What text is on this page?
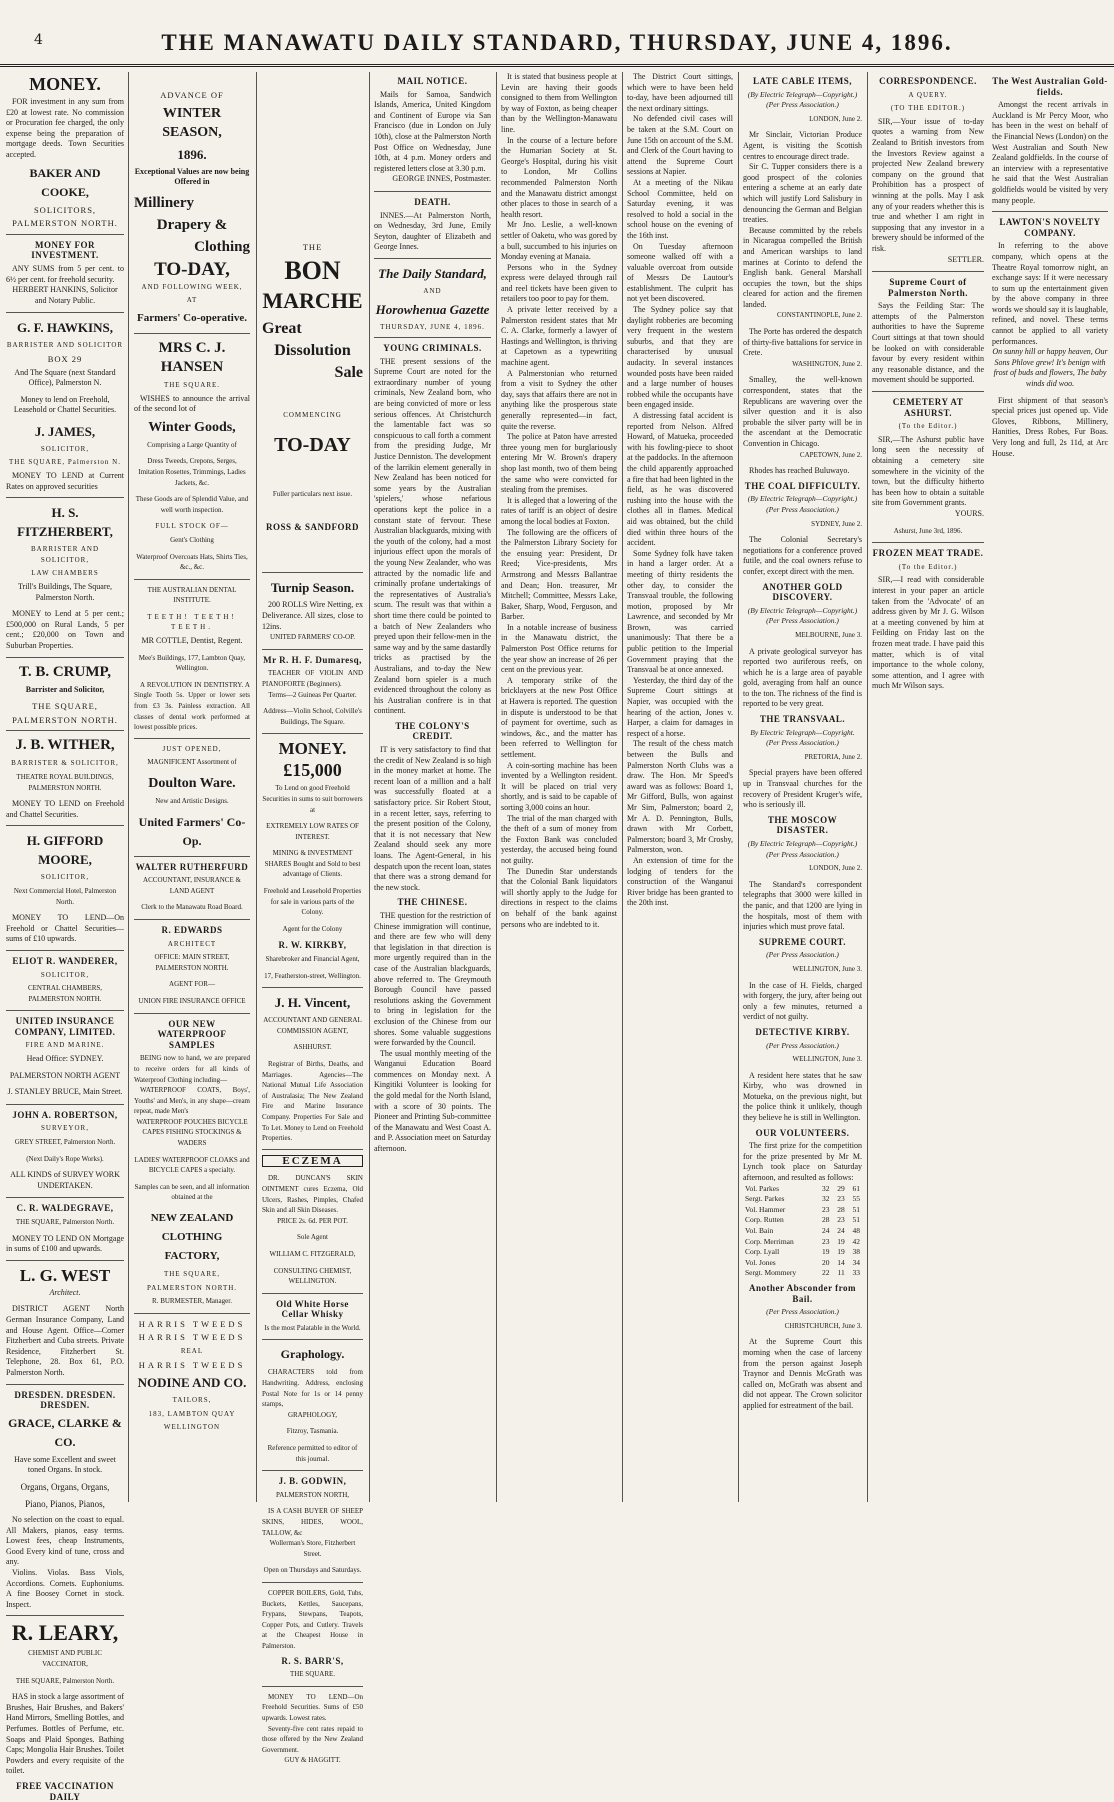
4	THE MANAWATU DAILY STANDARD, THURSDAY, JUNE 4, 1896.
MONEY.
FOR investment in any sum from £20 at lowest rate. No commission or Procuration fee charged, the only expense being the preparation of mortgage deeds. Town Securities accepted.
BAKER AND COOKE,
SOLICITORS,
PALMERSTON NORTH.
MONEY FOR INVESTMENT.
ANY SUMS from 5 per cent. to 6½ per cent. for freehold security.
HERBERT HANKINS, Solicitor and Notary Public.
G. F. HAWKINS,
BARRISTER AND SOLICITOR
BOX 29
And The Square (next Standard Office), Palmerston N.
Money to lend on Freehold, Leasehold or Chattel Securities.
J. JAMES,
SOLICITOR,
THE SQUARE, Palmerston N.
MONEY TO LEND at Current Rates on approved securities
H. S. FITZHERBERT,
BARRISTER AND SOLICITOR,
LAW CHAMBERS
Trill's Buildings, The Square, Palmerston North.
MONEY to Lend at 5 per cent.; £500,000 on Rural Lands, 5 per cent.; £20,000 on Town and Suburban Properties.
T. B. CRUMP,
Barrister and Solicitor,
THE SQUARE,
PALMERSTON NORTH.
J. B. WITHER,
BARRISTER & SOLICITOR,
THEATRE ROYAL BUILDINGS, PALMERSTON NORTH.
MONEY TO LEND on Freehold and Chattel Securities.
H. GIFFORD MOORE,
SOLICITOR,
Next Commercial Hotel, Palmerston North.
MONEY TO LEND—On Freehold or Chattel Securities—sums of £10 upwards.
ELIOT R. WANDERER,
SOLICITOR,
CENTRAL CHAMBERS, PALMERSTON NORTH.
UNITED INSURANCE COMPANY, LIMITED.
FIRE AND MARINE.
Head Office: SYDNEY.
PALMERSTON NORTH AGENT
J. STANLEY BRUCE, Main Street.
JOHN A. ROBERTSON,
SURVEYOR,
GREY STREET, Palmerston North.
(Next Daily's Rope Works).
ALL KINDS of SURVEY WORK UNDERTAKEN.
C. R. WALDEGRAVE,
THE SQUARE, Palmerston North.
MONEY TO LEND ON Mortgage in sums of £100 and upwards.
L. G. WEST
Architect.
DISTRICT AGENT North German Insurance Company, Land and House Agent. Office—Corner Fitzherbert and Cuba streets. Private Residence, Fitzherbert St. Telephone, 28. Box 61, P.O. Palmerston North.
DRESDEN. DRESDEN. DRESDEN.
GRACE, CLARKE & CO.
Have some Excellent and sweet toned Organs. In stock.
Organs, Organs, Organs,
Piano, Pianos, Pianos,
No selection on the coast to equal. All Makers, pianos, easy terms. Lowest fees, cheap Instruments, Good Every kind of tune, cross and any.
Violins. Violas. Bass Viols, Accordions. Cornets. Euphoniums. A fine Boosey Cornet in stock. Inspect.
R. LEARY,
CHEMIST AND PUBLIC VACCINATOR,
THE SQUARE, Palmerston North.
HAS in stock a large assortment of Brushes, Hair Brushes, and Bakers' Hand Mirrors, Smelling Bottles, and Perfumes. Bottles of Perfume, etc. Soaps and Plaid Sponges. Bathing Caps; Mongolia Hair Brushes. Toilet Powders and every requisite of the toilet.
FREE VACCINATION DAILY
ADVANCE OF
WINTER SEASON,
1896.
Exceptional Values are now being Offered in
Millinery
Drapery &
Clothing
TO-DAY,
AND FOLLOWING WEEK,
AT
Farmers' Co-operative.
MRS C. J. HANSEN
THE SQUARE.
WISHES to announce the arrival of the second lot of
Winter Goods,
Comprising a Large Quantity of
Dress Tweeds, Crepons, Serges, Imitation Rosettes, Trimmings, Ladies Jackets, &c.
These Goods are of Splendid Value, and well worth inspection.
FULL STOCK OF—
Gent's Clothing
Waterproof Overcoats Hats, Shirts Ties, &c., &c.
THE AUSTRALIAN DENTAL INSTITUTE.
TEETH! TEETH! TEETH.
MR COTTLE, Dentist, Regent.
Mee's Buildings, 177, Lambton Quay, Wellington.
A REVOLUTION IN DENTISTRY. A Single Tooth 5s. Upper or lower sets from £3 3s. Painless extraction. All classes of dental work performed at lowest possible prices.
JUST OPENED,
MAGNIFICENT Assortment of
Doulton Ware.
New and Artistic Designs.
United Farmers' Co-Op.
WALTER RUTHERFURD
ACCOUNTANT, INSURANCE & LAND AGENT
Clerk to the Manawatu Road Board.
R. EDWARDS
ARCHITECT
OFFICE: MAIN STREET, PALMERSTON NORTH.
AGENT FOR—
UNION FIRE INSURANCE OFFICE
OUR NEW WATERPROOF SAMPLES
BEING now to hand, we are prepared to receive orders for all kinds of Waterproof Clothing including—
WATERPROOF COATS, Boys', Youths' and Men's, in any shape—cream repeat, made Men's
WATERPROOF POUCHES BICYCLE CAPES FISHING STOCKINGS & WADERS
LADIES' WATERPROOF CLOAKS and BICYCLE CAPES a specialty.
Samples can be seen, and all information obtained at the
NEW ZEALAND CLOTHING FACTORY,
THE SQUARE,
PALMERSTON NORTH.
R. BURMESTER, Manager.
HARRIS TWEEDS
HARRIS TWEEDS
REAL
HARRIS TWEEDS
NODINE AND CO.
TAILORS,
183, LAMBTON QUAY
WELLINGTON
THE
BON
MARCHE
Great
Dissolution
Sale
COMMENCING
TO-DAY
Fuller particulars next issue.
ROSS & SANDFORD
Turnip Season.
200 ROLLS Wire Netting, ex Deliverance. All sizes, close to 12ins.
UNITED FARMERS' CO-OP.
Mr R. H. F. Dumaresq,
TEACHER OF VIOLIN AND PIANOFORTE (Beginners).
Terms—2 Guineas Per Quarter.
Address—Violin School, Colville's Buildings, The Square.
MONEY.
£15,000
To Lend on good Freehold Securities in sums to suit borrowers at
EXTREMELY LOW RATES OF INTEREST.
MINING & INVESTMENT SHARES Bought and Sold to best advantage of Clients.
Freehold and Leasehold Properties for sale in various parts of the Colony.
Agent for the Colony
R. W. KIRKBY,
Sharebroker and Financial Agent,
17, Featherston-street, Wellington.
J. H. Vincent,
ACCOUNTANT AND GENERAL COMMISSION AGENT,
ASHHURST.
Registrar of Births, Deaths, and Marriages. Agencies—The National Mutual Life Association of Australasia; The New Zealand Fire and Marine Insurance Company. Properties For Sale and To Let. Money to Lend on Freehold Properties.
ECZEMA
DR. DUNCAN'S SKIN OINTMENT cures Eczema, Old Ulcers, Rashes, Pimples, Chafed Skin and all Skin Diseases.
PRICE 2s. 6d. PER POT.
Sole Agent
WILLIAM C. FITZGERALD,
CONSULTING CHEMIST, WELLINGTON.
Old White Horse Cellar Whisky
Is the most Palatable in the World.
Graphology.
CHARACTERS told from Handwriting. Address, enclosing Postal Note for 1s or 14 penny stamps,
GRAPHOLOGY,
Fitzroy, Tasmania.
Reference permitted to editor of this journal.
J. B. GODWIN,
PALMERSTON NORTH,
IS A CASH BUYER OF SHEEP SKINS, HIDES, WOOL, TALLOW, &c
Wollerman's Store, Fitzherbert Street.
Open on Thursdays and Saturdays.
COPPER BOILERS, Gold, Tubs, Buckets, Kettles, Saucepans, Frypans, Stewpans, Teapots, Copper Pots, and Cutlery. Travels at the Cheapest House in Palmerston.
R. S. BARR'S,
THE SQUARE.
MONEY TO LEND—On Freehold Securities. Sums of £50 upwards. Lowest rates.
Seventy-five cent rates repaid to those offered by the New Zealand Government.
GUY & HAGGITT.
MAIL NOTICE.
Mails for Samoa, Sandwich Islands, America, United Kingdom and Continent of Europe via San Francisco (due in London on July 10th), close at the Palmerston North Post Office on Wednesday, June 10th, at 4 p.m. Money orders and registered letters close at 3.30 p.m.
GEORGE INNES, Postmaster.
DEATH.
INNES.—At Palmerston North, on Wednesday, 3rd June, Emily Seyton, daughter of Elizabeth and George Innes.
The Daily Standard,
AND
Horowhenua Gazette
THURSDAY, JUNE 4, 1896.
YOUNG CRIMINALS.
THE present sessions of the Supreme Court are noted for the extraordinary number of young criminals, New Zealand born, who are being convicted of more or less serious offences. At Christchurch the lamentable fact was so conspicuous to call forth a comment from the presiding Judge, Mr Justice Denniston. The development of the larrikin element generally in New Zealand has been noticed for some years by the Australian 'spielers,' whose nefarious operations kept the police in a constant state of fervour. These Australian blackguards, mixing with the youth of the colony, had a most injurious effect upon the morals of the young New Zealander, who was attracted by the nomadic life and criminally profane undertakings of the representatives of Australia's scum. The result was that within a short time there could be pointed to a batch of New Zealanders who preyed upon their fellow-men in the same way and by the same dastardly tricks as practised by the Australians, and to-day the New Zealand born spieler is a much evidenced throughout the colony as his Australian confrere is in that continent.
THE COLONY'S CREDIT.
IT is very satisfactory to find that the credit of New Zealand is so high in the money market at home. The recent loan of a million and a half was successfully floated at a satisfactory price. Sir Robert Stout, in a recent letter, says, referring to the present position of the Colony, that it is not necessary that New Zealand should seek any more loans. The Agent-General, in his despatch upon the recent loan, states that there was a strong demand for the new stock.
THE CHINESE.
THE question for the restriction of Chinese immigration will continue, and there are few who will deny that legislation in that direction is more urgently required than in the case of the Australian blackguards, above referred to. The Greymouth Borough Council have passed resolutions asking the Government to bring in legislation for the exclusion of the Chinese from our shores. Some valuable suggestions were forwarded by the Council.
The usual monthly meeting of the Wanganui Education Board commences on Monday next. A Kingitiki Volunteer is looking for the gold medal for the North Island, with a score of 30 points. The Pioneer and Printing Sub-committee of the Manawatu and West Coast A. and P. Association meet on Saturday afternoon.
It is stated that business people at Levin are having their goods consigned to them from Wellington by way of Foxton, as being cheaper than by the Wellington-Manawatu line.
In the course of a lecture before the Humarian Society at St. George's Hospital, during his visit to London, Mr Collins recommended Palmerston North and the Manawatu district amongst other places to those in search of a health resort.
Mr Jno. Leslie, a well-known settler of Oaketu, who was gored by a bull, succumbed to his injuries on Monday evening at Manaia.
Persons who in the Sydney express were delayed through rail and reel tickets have been given to retailers too poor to pay for them.
A private letter received by a Palmerston resident states that Mr C. A. Clarke, formerly a lawyer of Hastings and Wellington, is thriving at Capetown as a typewriting machine agent.
A Palmerstonian who returned from a visit to Sydney the other day, says that affairs there are not in anything like the prosperous state generally represented—in fact, quite the reverse.
The police at Paton have arrested three young men for burglariously entering Mr W. Brown's drapery shop last month, two of them being the same who were convicted for stealing from the premises.
It is alleged that a lowering of the rates of tariff is an object of desire among the local bodies at Foxton.
The following are the officers of the Palmerston Library Society for the ensuing year: President, Dr Reed; Vice-presidents, Mrs Armstrong and Messrs Ballantrae and Dean; Hon. treasurer, Mr Mitchell; Committee, Messrs Lake, Baker, Sharp, Wood, Ferguson, and Barber.
In a notable increase of business in the Manawatu district, the Palmerston Post Office returns for the year show an increase of 26 per cent on the previous year.
A temporary strike of the bricklayers at the new Post Office at Hawera is reported. The question in dispute is understood to be that of payment for overtime, such as windows, &c., and the matter has been referred to Wellington for settlement.
A coin-sorting machine has been invented by a Wellington resident. It will be placed on trial very shortly, and is said to be capable of sorting 3,000 coins an hour.
The trial of the man charged with the theft of a sum of money from the Foxton Bank was concluded yesterday, the accused being found not guilty.
The Dunedin Star understands that the Colonial Bank liquidators will shortly apply to the Judge for directions in respect to the claims on behalf of the bank against persons who are indebted to it.
The District Court sittings, which were to have been held to-day, have been adjourned till the next ordinary sittings.
No defended civil cases will be taken at the S.M. Court on June 15th on account of the S.M. and Clerk of the Court having to attend the Supreme Court sessions at Napier.
At a meeting of the Nikau School Committee, held on Saturday evening, it was resolved to hold a social in the school house on the evening of the 16th inst.
On Tuesday afternoon someone walked off with a valuable overcoat from outside of Messrs De Lautour's establishment. The culprit has not yet been discovered.
The Sydney police say that daylight robberies are becoming very frequent in the western suburbs, and that they are characterised by unusual audacity. In several instances wounded posts have been raided and a large number of houses robbed while the occupants have been engaged inside.
A distressing fatal accident is reported from Nelson. Alfred Howard, of Matueka, proceeded with his fowling-piece to shoot at the paddocks. In the afternoon the child apparently approached a fire that had been lighted in the field, as he was discovered rushing into the house with the clothes all in flames. Medical aid was obtained, but the child died within three hours of the accident.
Some Sydney folk have taken in hand a larger order. At a meeting of thirty residents the other day, to consider the Transvaal trouble, the following motion, proposed by Mr Lawrence, and seconded by Mr Brown, was carried unanimously: That there be a public petition to the Imperial Government praying that the Transvaal be at once annexed.
Yesterday, the third day of the Supreme Court sittings at Napier, was occupied with the hearing of the action, Jones v. Harper, a claim for damages in respect of a horse.
The result of the chess match between the Bulls and Palmerston North Clubs was a draw. The Hon. Mr Speed's award was as follows: Board 1, Mr Gifford, Bulls, won against Mr Sim, Palmerston; board 2, Mr A. D. Pennington, Bulls, drawn with Mr Corbett, Palmerston; board 3, Mr Crosby, Palmerston, won.
An extension of time for the lodging of tenders for the construction of the Wanganui River bridge has been granted to the 20th inst.
LATE CABLE ITEMS,
(By Electric Telegraph—Copyright.) (Per Press Association.)
LONDON, June 2.
Mr Sinclair, Victorian Produce Agent, is visiting the Scottish centres to encourage direct trade.
Sir C. Tupper considers there is a good prospect of the colonies entering a scheme at an early date which will justify Lord Salisbury in denouncing the German and Belgian treaties.
Because committed by the rebels in Nicaragua compelled the British and American warships to land marines at Corinto to defend the English bank. General Marshall occupies the town, but the ships cleared for action and the firemen landed.
CONSTANTINOPLE, June 2.
The Porte has ordered the despatch of thirty-five battalions for service in Crete.
WASHINGTON, June 2.
Smalley, the well-known correspondent, states that the Republicans are wavering over the silver question and it is also probable the silver party will be in the ascendant at the Democratic Convention in Chicago.
CAPETOWN, June 2.
Rhodes has reached Buluwayo.
THE COAL DIFFICULTY.
(By Electric Telegraph—Copyright.) (Per Press Association.)
SYDNEY, June 2.
The Colonial Secretary's negotiations for a conference proved futile, and the coal owners refuse to confer, except direct with the men.
ANOTHER GOLD DISCOVERY.
(By Electric Telegraph—Copyright.) (Per Press Association.)
MELBOURNE, June 3.
A private geological surveyor has reported two auriferous reefs, on which he is a large area of payable gold, averaging from half an ounce to the ton. The richness of the find is reported to be very great.
THE TRANSVAAL.
By Electric Telegraph—Copyright. (Per Press Association.)
PRETORIA, June 2.
Special prayers have been offered up in Transvaal churches for the recovery of President Kruger's wife, who is seriously ill.
THE MOSCOW DISASTER.
(By Electric Telegraph—Copyright.) (Per Press Association.)
LONDON, June 2.
The Standard's correspondent telegraphs that 3000 were killed in the panic, and that 1200 are lying in the hospitals, most of them with injuries which must prove fatal.
SUPREME COURT.
(Per Press Association.)
WELLINGTON, June 3.
In the case of H. Fields, charged with forgery, the jury, after being out only a few minutes, returned a verdict of not guilty.
DETECTIVE KIRBY.
(Per Press Association.)
WELLINGTON, June 3.
A resident here states that he saw Kirby, who was drowned in Motueka, on the previous night, but the police think it unlikely, though they believe he is still in Wellington.
OUR VOLUNTEERS.
The first prize for the competition for the prize presented by Mr M. Lynch took place on Saturday afternoon, and resulted as follows:
Vol. Parkes	32	29	61
Sergt. Parkes	32	23	55
Vol. Hammer	23	28	51
Corp. Rutten	28	23	51
Vol. Bain	24	24	48
Corp. Merriman	23	19	42
Corp. Lyall	19	19	38
Vol. Jones	20	14	34
Sergt. Mommery	22	11	33
Another Absconder from Bail.
(Per Press Association.)
CHRISTCHURCH, June 3.
At the Supreme Court this morning when the case of larceny from the person against Joseph Traynor and Dennis McGrath was called on, McGrath was absent and did not appear. The Crown solicitor applied for estreatment of the bail.
CORRESPONDENCE.
A QUERY.
(TO THE EDITOR.)
SIR,—Your issue of to-day quotes a warning from New Zealand to British investors from the Investors Review against a projected New Zealand brewery company on the ground that Prohibition has a prospect of winning at the polls. May I ask any of your readers whether this is true and whether I am right in supposing that any investor in a brewery should be informed of the risk.
SETTLER.
Supreme Court of Palmerston North.
Says the Feilding Star: The attempts of the Palmerston authorities to have the Supreme Court sittings at that town should be looked on with considerable favour by every resident within any reasonable distance, and the movement should be supported.
CEMETERY AT ASHURST.
(To the Editor.)
SIR,—The Ashurst public have long seen the necessity of obtaining a cemetery site somewhere in the vicinity of the town, but the difficulty hitherto has been how to obtain a suitable site from Government grants.
YOURS.
Ashurst, June 3rd, 1896.
FROZEN MEAT TRADE.
(To the Editor.)
SIR,—I read with considerable interest in your paper an article taken from the 'Advocate' of an address given by Mr J. G. Wilson at a meeting convened by him at Feilding on Friday last on the frozen meat trade. I have paid this matter, which is of vital importance to the whole colony, some attention, and I agree with much Mr Wilson says.
The West Australian Gold-fields.
Amongst the recent arrivals in Auckland is Mr Percy Moor, who has been in the west on behalf of the Financial News (London) on the West Australian and South New Zealand goldfields. In the course of an interview with a representative he said that the West Australian goldfields would be visited by very many people.
LAWTON'S NOVELTY COMPANY.
In referring to the above company, which opens at the Theatre Royal tomorrow night, an exchange says: If it were necessary to sum up the entertainment given by the above company in three words we should say it is laughable, refined, and novel. These terms cannot be applied to all variety performances.
On sunny hill or happy heaven, Our Sons Phlove grew! It's benign with frost of buds and flowers, The baby winds did woo.
First shipment of that season's special prices just opened up. Vide Gloves, Ribbons, Millinery, Hanities, Dress Robes, Fur Boas. Very long and full, 2s 11d, at Arc House.
